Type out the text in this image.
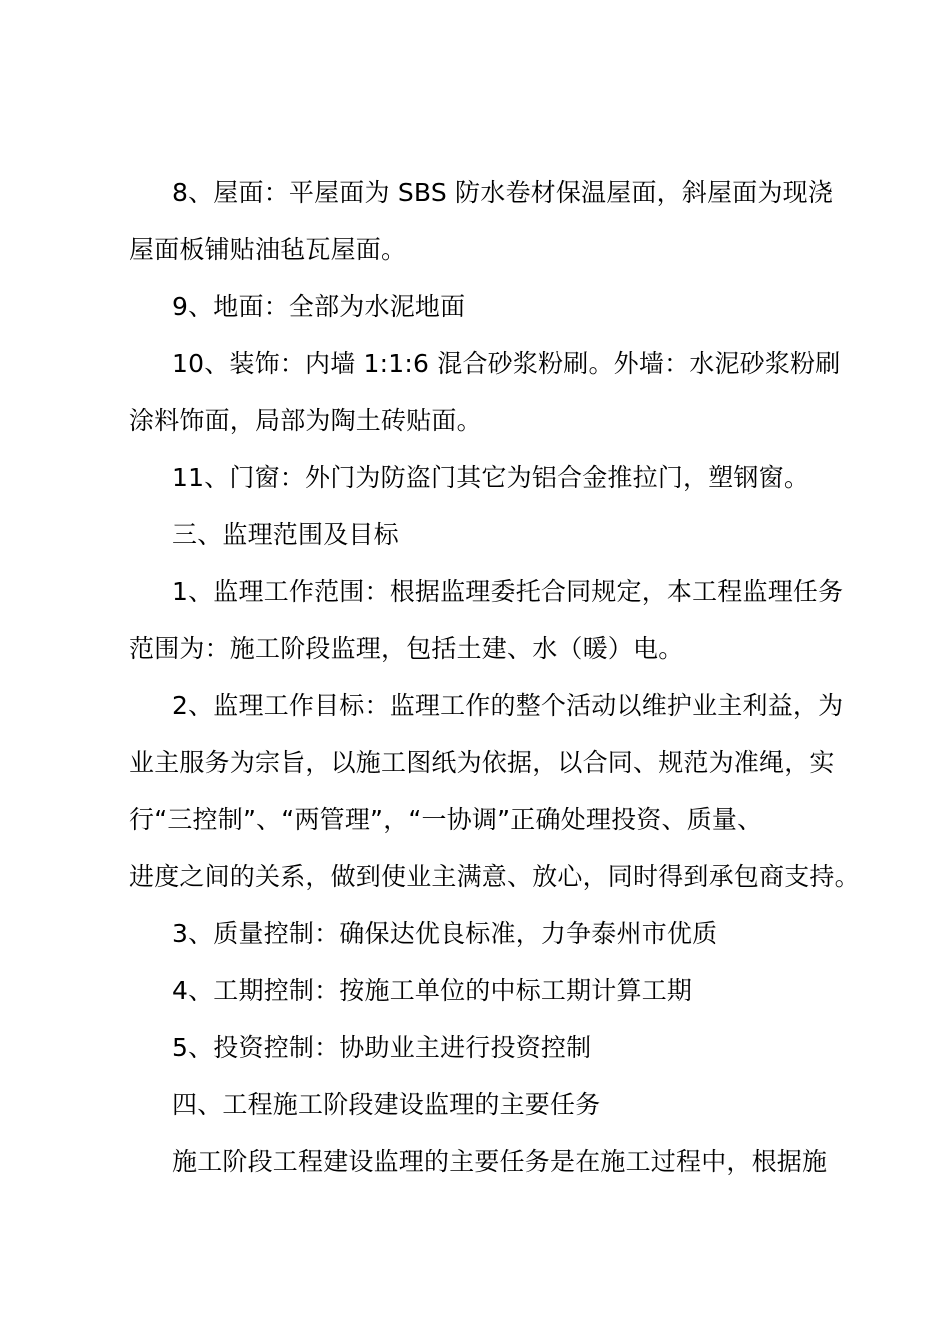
8、屋面：平屋面为 SBS 防水卷材保温屋面，斜屋面为现浇
屋面板铺贴油毡瓦屋面。
9、地面：全部为水泥地面
10、装饰：内墙 1:1:6 混合砂浆粉刷。外墙：水泥砂浆粉刷
涂料饰面，局部为陶土砖贴面。
11、门窗：外门为防盗门其它为铝合金推拉门，塑钢窗。
三、监理范围及目标
1、监理工作范围：根据监理委托合同规定，本工程监理任务
范围为：施工阶段监理，包括土建、水（暖）电。
2、监理工作目标：监理工作的整个活动以维护业主利益，为
业主服务为宗旨，以施工图纸为依据，以合同、规范为准绳，实
行“三控制”、“两管理”，“一协调”正确处理投资、质量、
进度之间的关系，做到使业主满意、放心，同时得到承包商支持。
3、质量控制：确保达优良标准，力争泰州市优质
4、工期控制：按施工单位的中标工期计算工期
5、投资控制：协助业主进行投资控制
四、工程施工阶段建设监理的主要任务
施工阶段工程建设监理的主要任务是在施工过程中，根据施
